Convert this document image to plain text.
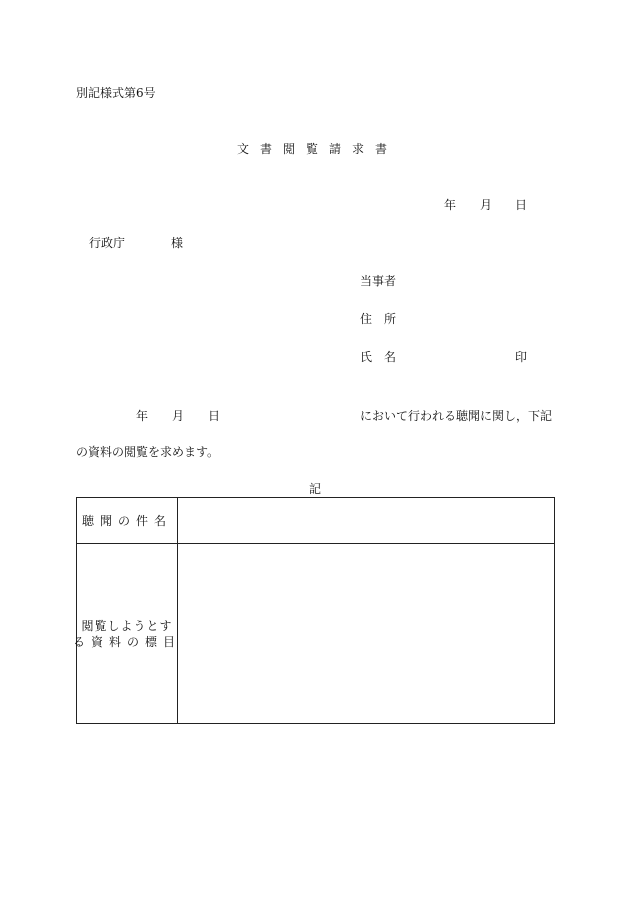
別記様式第6号
文書閲覧請求書
年 月 日
行政庁	様
当事者
住 所
氏 名	印
年 月 日	において行われる聴聞に関し，下記
の資料の閲覧を求めます。
記
聴聞の件名
閲覧しようとす
る資料の標目
